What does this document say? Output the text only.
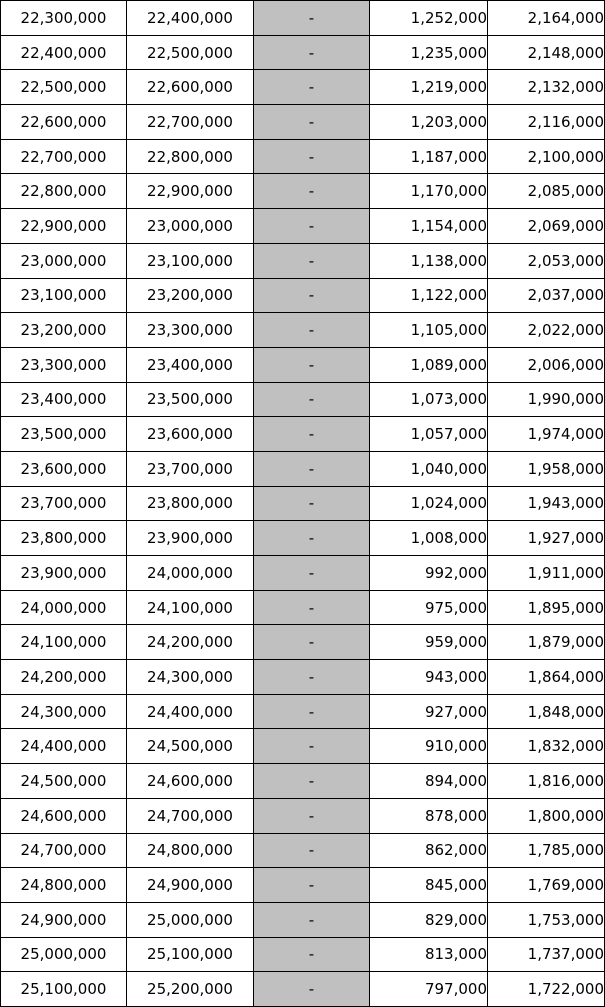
22,300,000	22,400,000	-	1,252,000	2,164,000
22,400,000	22,500,000	-	1,235,000	2,148,000
22,500,000	22,600,000	-	1,219,000	2,132,000
22,600,000	22,700,000	-	1,203,000	2,116,000
22,700,000	22,800,000	-	1,187,000	2,100,000
22,800,000	22,900,000	-	1,170,000	2,085,000
22,900,000	23,000,000	-	1,154,000	2,069,000
23,000,000	23,100,000	-	1,138,000	2,053,000
23,100,000	23,200,000	-	1,122,000	2,037,000
23,200,000	23,300,000	-	1,105,000	2,022,000
23,300,000	23,400,000	-	1,089,000	2,006,000
23,400,000	23,500,000	-	1,073,000	1,990,000
23,500,000	23,600,000	-	1,057,000	1,974,000
23,600,000	23,700,000	-	1,040,000	1,958,000
23,700,000	23,800,000	-	1,024,000	1,943,000
23,800,000	23,900,000	-	1,008,000	1,927,000
23,900,000	24,000,000	-	992,000	1,911,000
24,000,000	24,100,000	-	975,000	1,895,000
24,100,000	24,200,000	-	959,000	1,879,000
24,200,000	24,300,000	-	943,000	1,864,000
24,300,000	24,400,000	-	927,000	1,848,000
24,400,000	24,500,000	-	910,000	1,832,000
24,500,000	24,600,000	-	894,000	1,816,000
24,600,000	24,700,000	-	878,000	1,800,000
24,700,000	24,800,000	-	862,000	1,785,000
24,800,000	24,900,000	-	845,000	1,769,000
24,900,000	25,000,000	-	829,000	1,753,000
25,000,000	25,100,000	-	813,000	1,737,000
25,100,000	25,200,000	-	797,000	1,722,000
